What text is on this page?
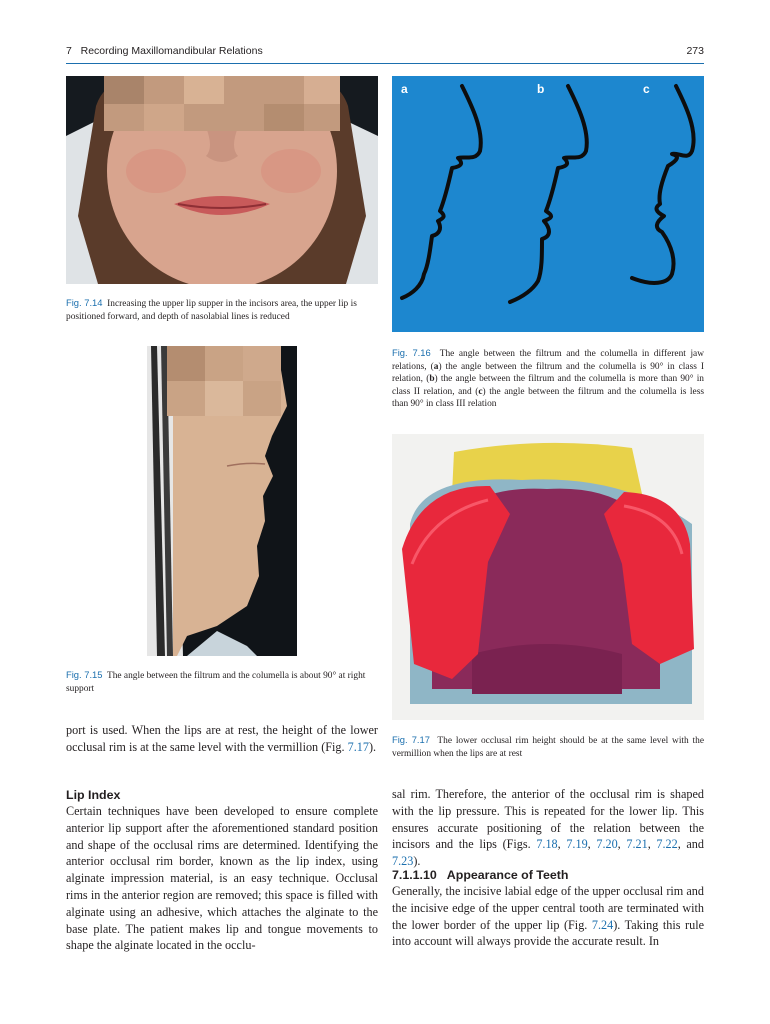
7 Recording Maxillomandibular Relations	273
Fig. 7.14 Increasing the upper lip supper in the incisors area, the upper lip is positioned forward, and depth of nasolabial lines is reduced
Fig. 7.15 The angle between the filtrum and the columella is about 90° at right support
port is used. When the lips are at rest, the height of the lower occlusal rim is at the same level with the vermillion (Fig. 7.17).
Lip Index
Certain techniques have been developed to ensure complete anterior lip support after the aforementioned standard position and shape of the occlusal rims are determined. Identifying the anterior occlusal rim border, known as the lip index, using alginate impression material, is an easy technique. Occlusal rims in the anterior region are removed; this space is filled with alginate using an adhesive, which attaches the alginate to the base plate. The patient makes lip and tongue movements to shape the alginate located in the occlu-
a	b	c
Fig. 7.16 The angle between the filtrum and the columella in different jaw relations, (a) the angle between the filtrum and the columella is 90° in class I relation, (b) the angle between the filtrum and the columella is more than 90° in class II relation, and (c) the angle between the filtrum and the columella is less than 90° in class III relation
Fig. 7.17 The lower occlusal rim height should be at the same level with the vermillion when the lips are at rest
sal rim. Therefore, the anterior of the occlusal rim is shaped with the lip pressure. This is repeated for the lower lip. This ensures accurate positioning of the relation between the incisors and the lips (Figs. 7.18, 7.19, 7.20, 7.21, 7.22, and 7.23).
7.1.1.10 Appearance of Teeth
Generally, the incisive labial edge of the upper occlusal rim and the incisive edge of the upper central tooth are terminated with the lower border of the upper lip (Fig. 7.24). Taking this rule into account will always provide the accurate result. In
